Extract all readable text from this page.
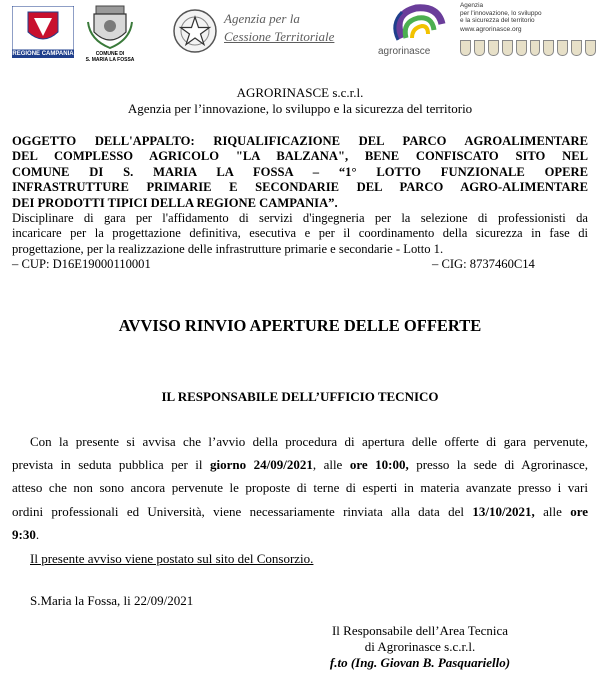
REGIONE CAMPANIA	COMUNE DI
S. MARIA LA FOSSA
Agenzia per la
Cessione Territoriale
agrorinasce
Agenzia
per l'innovazione, lo sviluppo
e la sicurezza del territorio
www.agrorinasce.org
AGRORINASCE s.c.r.l.
Agenzia per l’innovazione, lo sviluppo e la sicurezza del territorio
OGGETTO DELL'APPALTO: RIQUALIFICAZIONE DEL PARCO AGROALIMENTARE
DEL COMPLESSO AGRICOLO "LA BALZANA", BENE CONFISCATO SITO NEL
COMUNE DI S. MARIA LA FOSSA – “1° LOTTO FUNZIONALE OPERE
INFRASTRUTTURE PRIMARIE E SECONDARIE DEL PARCO AGRO-ALIMENTARE
DEI PRODOTTI TIPICI DELLA REGIONE CAMPANIA”.
Disciplinare di gara per l'affidamento di servizi d'ingegneria per la selezione di professionisti da
incaricare per la progettazione definitiva, esecutiva e per il coordinamento della sicurezza in fase di
progettazione, per la realizzazione delle infrastrutture primarie e secondarie - Lotto 1.
– CUP: D16E19000110001	– CIG: 8737460C14
AVVISO RINVIO APERTURE DELLE OFFERTE
IL RESPONSABILE DELL’UFFICIO TECNICO
Con la presente si avvisa che l’avvio della procedura di apertura delle offerte di gara pervenute,
prevista in seduta pubblica per il giorno 24/09/2021, alle ore 10:00, presso la sede di Agrorinasce,
atteso che non sono ancora pervenute le proposte di terne di esperti in materia avanzate presso i vari
ordini professionali ed Università, viene necessariamente rinviata alla data del 13/10/2021, alle ore
9:30.
Il presente avviso viene postato sul sito del Consorzio.
S.Maria la Fossa, li 22/09/2021
Il Responsabile dell’Area Tecnica
di Agrorinasce s.c.r.l.
f.to (Ing. Giovan B. Pasquariello)
